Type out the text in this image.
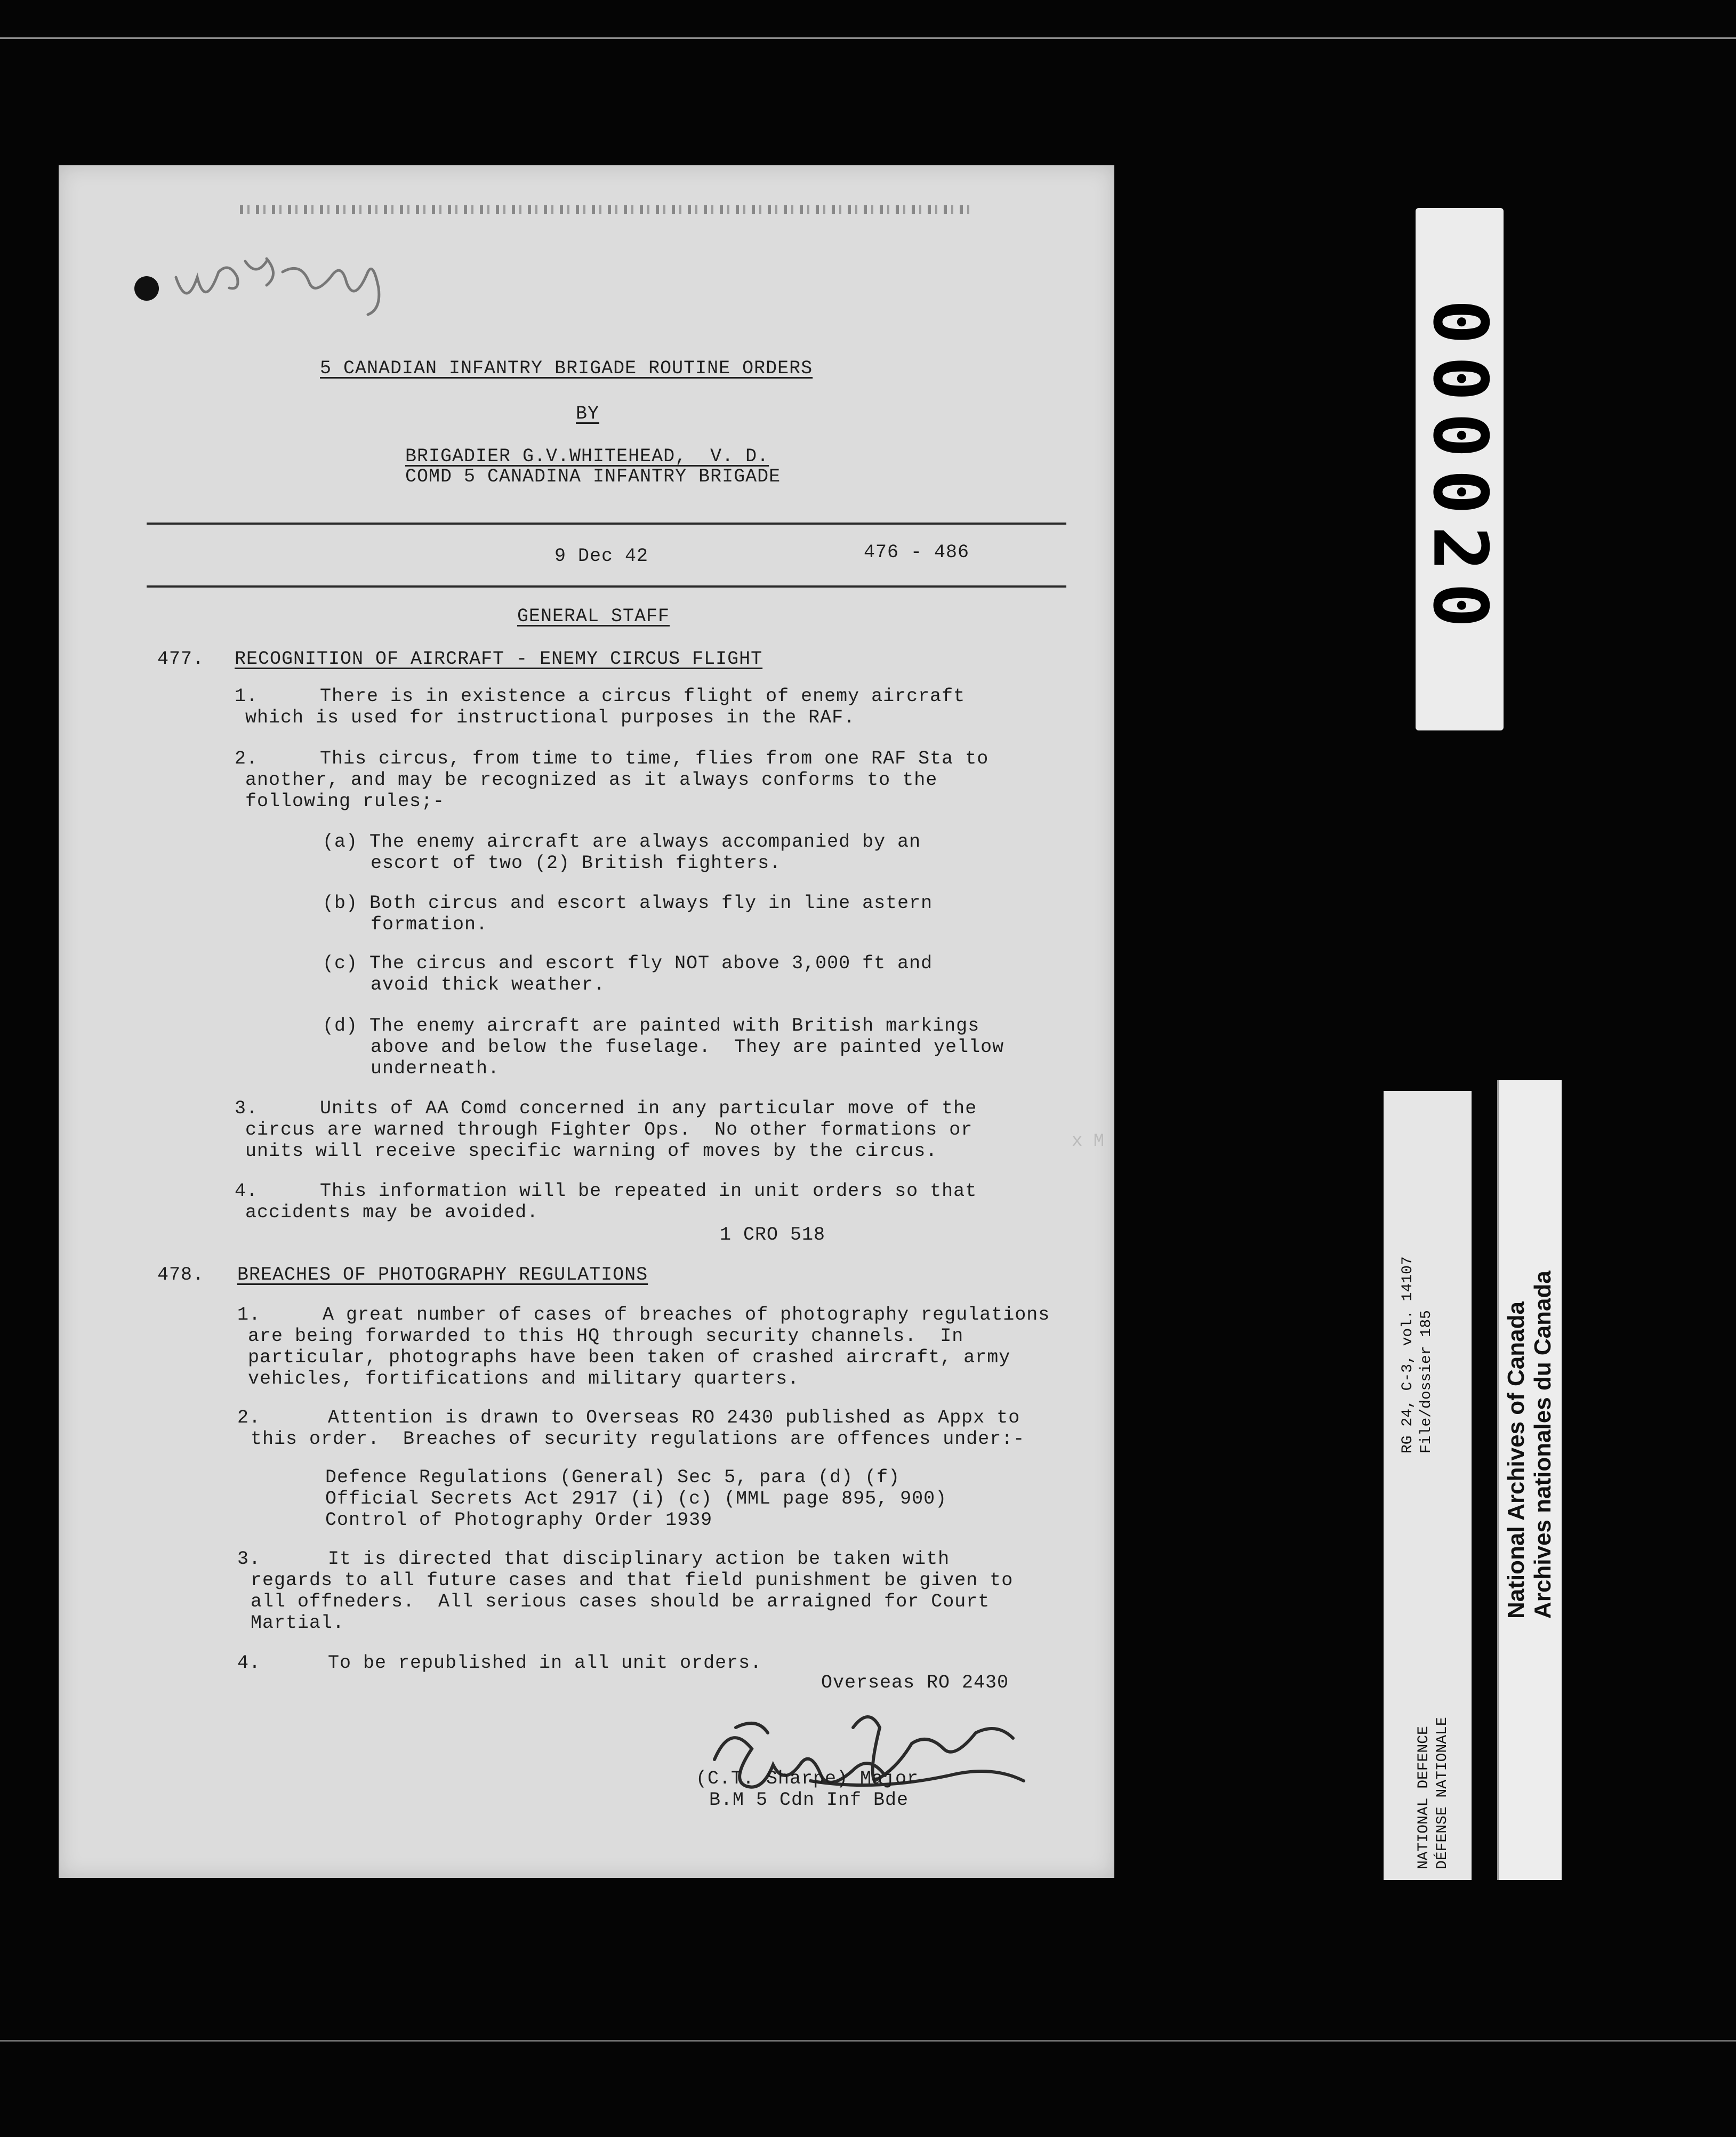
War Diary
5 CANADIAN INFANTRY BRIGADE ROUTINE ORDERS
BY
BRIGADIER G.V.WHITEHEAD,  V. D.
COMD 5 CANADINA INFANTRY BRIGADE
9 Dec 42	476 - 486
GENERAL STAFF
477. RECOGNITION OF AIRCRAFT - ENEMY CIRCUS FLIGHT
1.	There is in existence a circus flight of enemy aircraft
which is used for instructional purposes in the RAF.
2.	This circus, from time to time, flies from one RAF Sta to
another, and may be recognized as it always conforms to the
following rules;-
(a) The enemy aircraft are always accompanied by an
escort of two (2) British fighters.
(b) Both circus and escort always fly in line astern
formation.
(c) The circus and escort fly NOT above 3,000 ft and
avoid thick weather.
(d) The enemy aircraft are painted with British markings
above and below the fuselage.  They are painted yellow
underneath.
3.	Units of AA Comd concerned in any particular move of the
circus are warned through Fighter Ops.  No other formations or
units will receive specific warning of moves by the circus.
4.	This information will be repeated in unit orders so that
accidents may be avoided.
1 CRO 518
478. BREACHES OF PHOTOGRAPHY REGULATIONS
1.	A great number of cases of breaches of photography regulations
are being forwarded to this HQ through security channels.  In
particular, photographs have been taken of crashed aircraft, army
vehicles, fortifications and military quarters.
2.	Attention is drawn to Overseas RO 2430 published as Appx to
this order.  Breaches of security regulations are offences under:-
Defence Regulations (General) Sec 5, para (d) (f)
Official Secrets Act 2917 (i) (c) (MML page 895, 900)
Control of Photography Order 1939
3.	It is directed that disciplinary action be taken with
regards to all future cases and that field punishment be given to
all offneders.  All serious cases should be arraigned for Court
Martial.
4.	To be republished in all unit orders.
Overseas RO 2430
CT Sharpe
(C.T. Sharpe) Major
B.M 5 Cdn Inf Bde
x M
000020
RG 24, C-3, vol. 14107 File/dossier 185
NATIONAL DEFENCE DÉFENSE NATIONALE
National Archives of Canada Archives nationales du Canada
